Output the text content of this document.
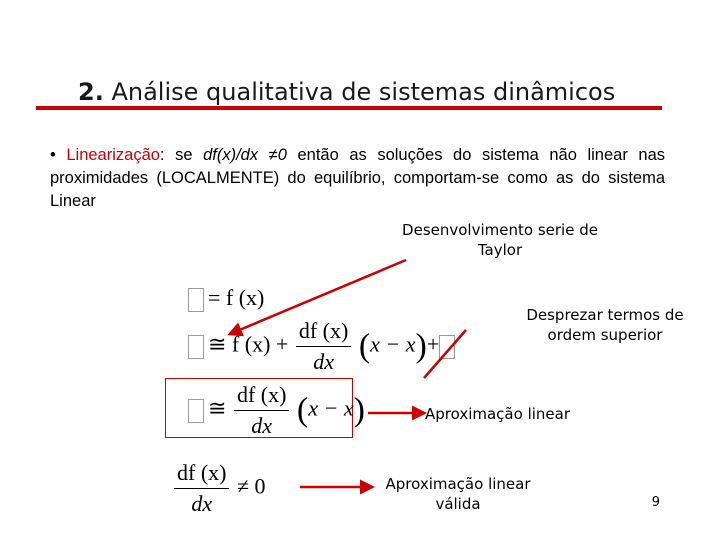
2. Análise qualitativa de sistemas dinâmicos
• Linearização: se df(x)/dx ≠0 então as soluções do sistema não linear nas proximidades (LOCALMENTE) do equilíbrio, comportam-se como as do sistema Linear
Desenvolvimento serie de Taylor
Desprezar termos de ordem superior
Aproximação linear
Aproximação linear válida
= f (x)
≅ f $(x) + \frac{df (x)}{dx} (x - x)+$
≅ $\frac{df (x)}{dx} (x - x)$
$\frac{df (x)}{dx} \ne 0$
9
